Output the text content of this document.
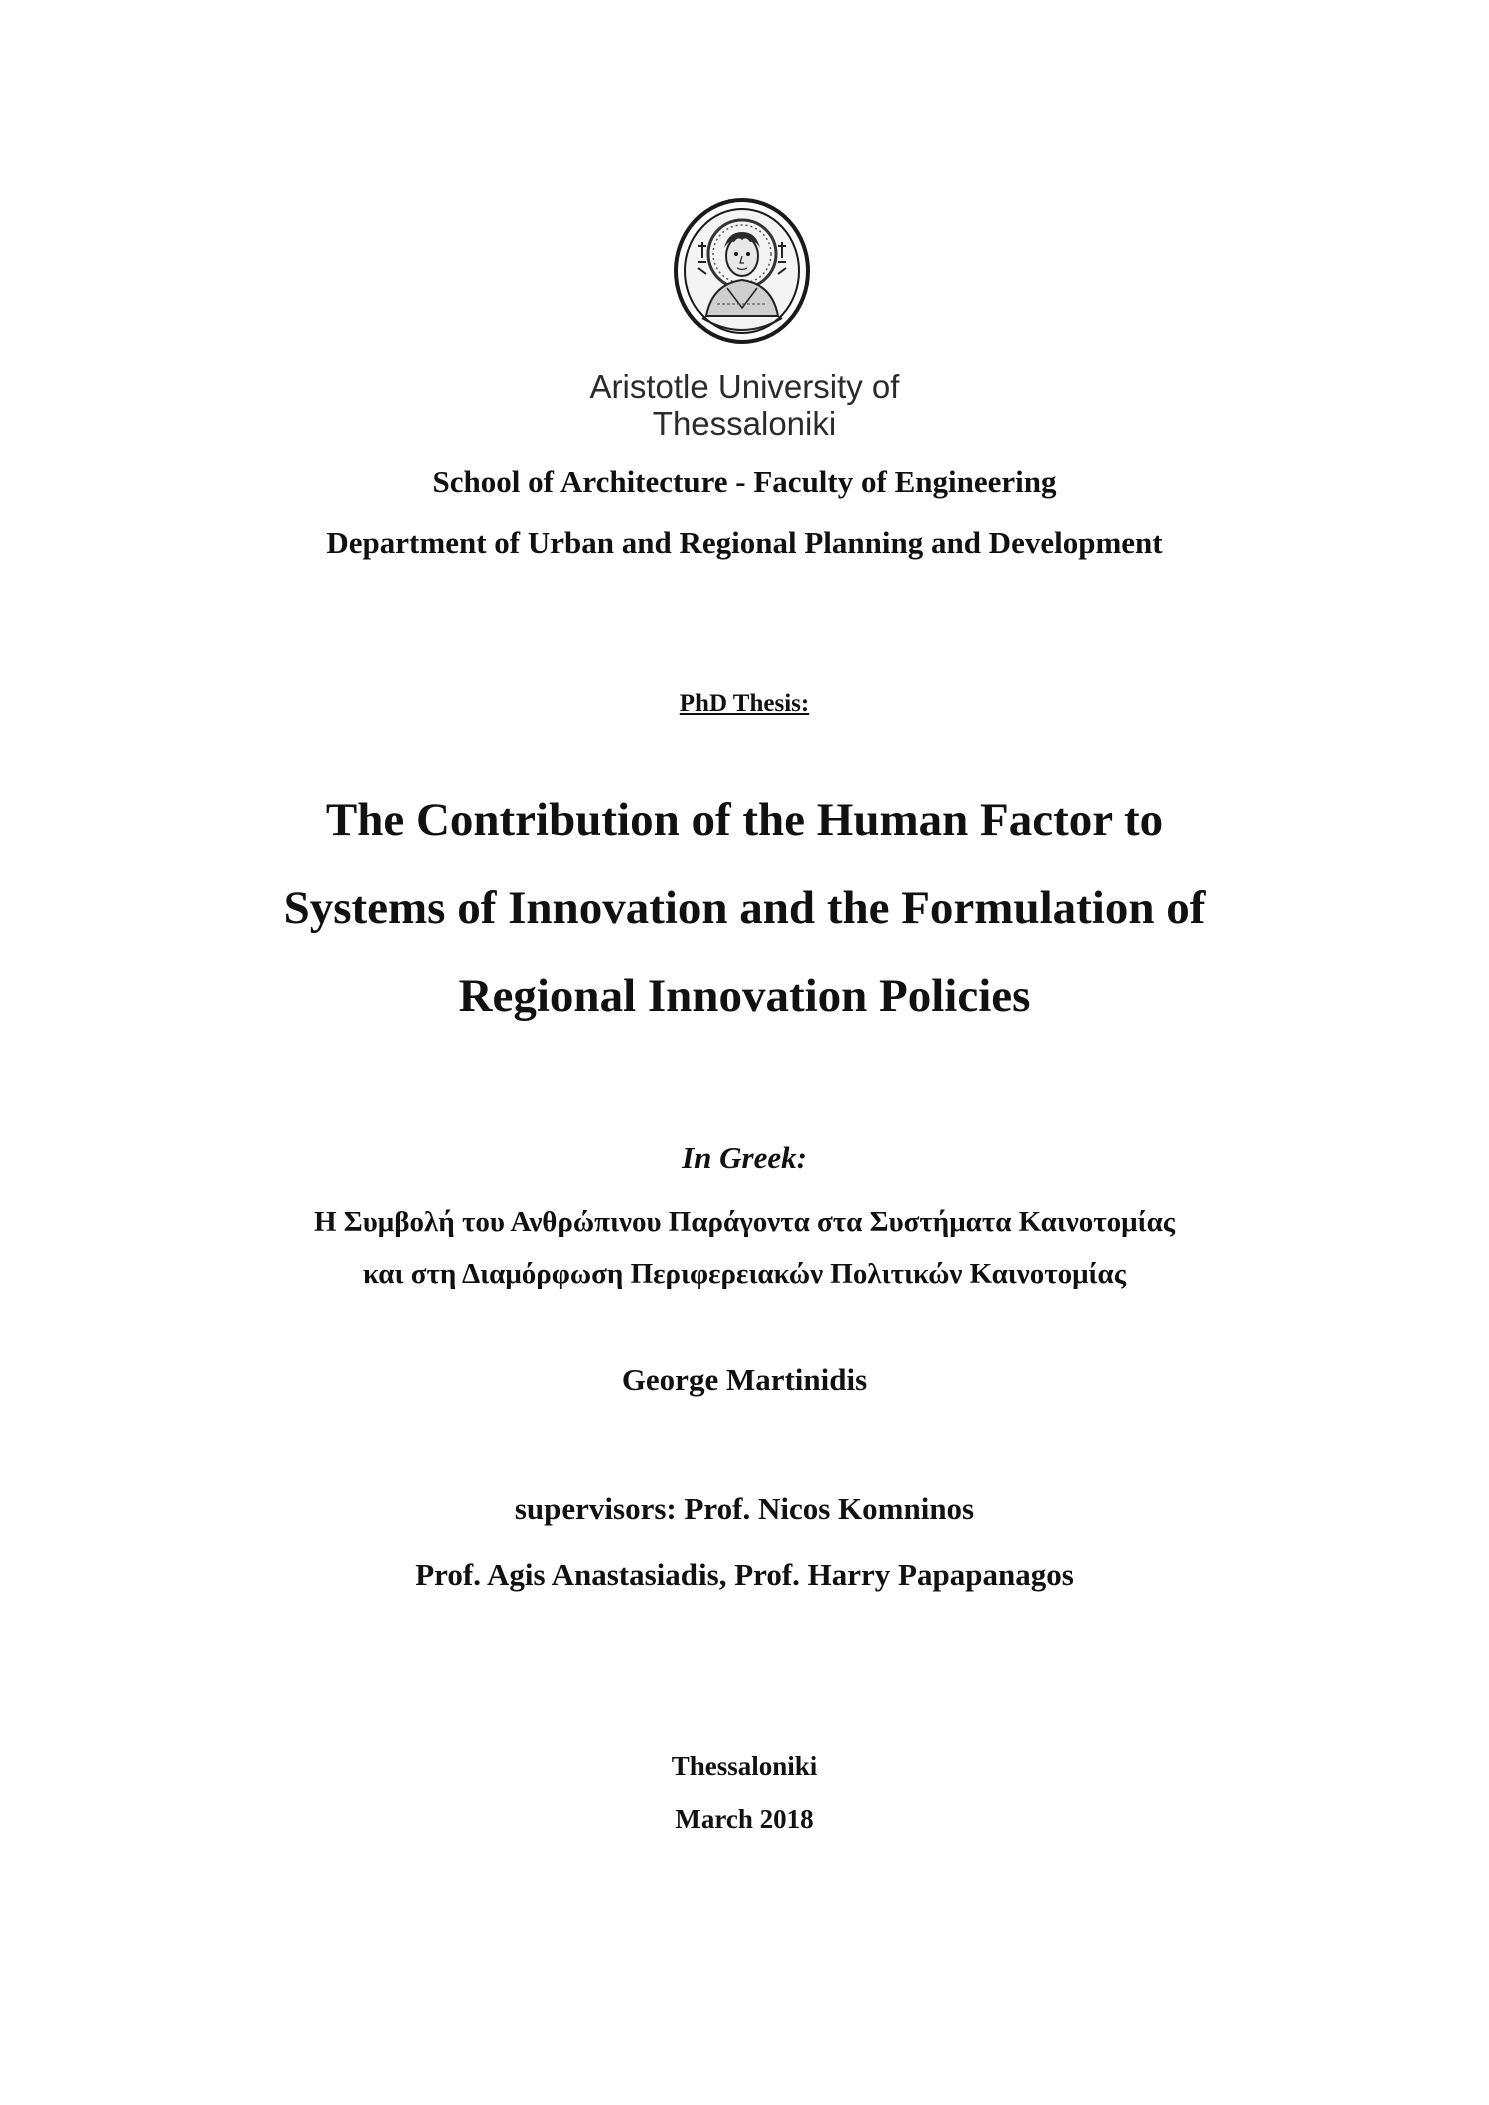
Aristotle University of
Thessaloniki
School of Architecture - Faculty of Engineering
Department of Urban and Regional Planning and Development
PhD Thesis:
The Contribution of the Human Factor to
Systems of Innovation and the Formulation of
Regional Innovation Policies
In Greek:
Η Συμβολή του Ανθρώπινου Παράγοντα στα Συστήματα Καινοτομίας
και στη Διαμόρφωση Περιφερειακών Πολιτικών Καινοτομίας
George Martinidis
supervisors: Prof. Nicos Komninos
Prof. Agis Anastasiadis, Prof. Harry Papapanagos
Thessaloniki
March 2018
